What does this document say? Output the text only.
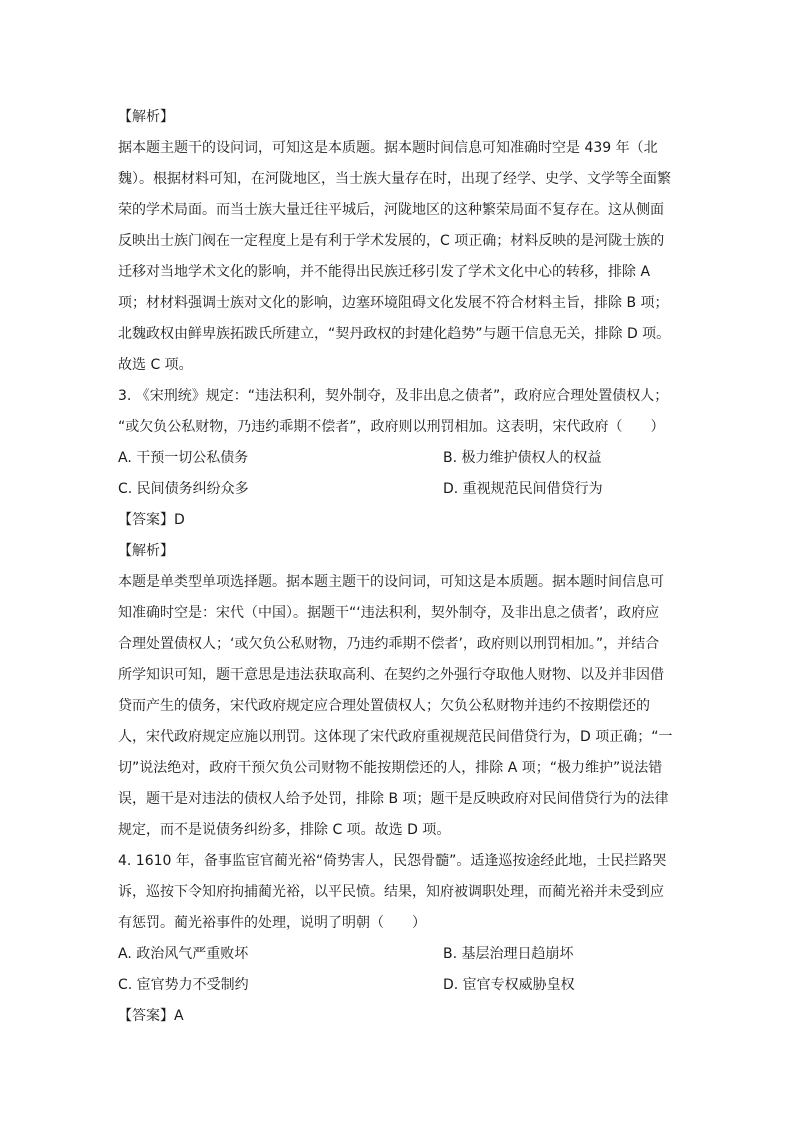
【解析】
据本题主题干的设问词，可知这是本质题。据本题时间信息可知准确时空是 439 年（北
魏）。根据材料可知，在河陇地区，当士族大量存在时，出现了经学、史学、文学等全面繁
荣的学术局面。而当士族大量迁往平城后，河陇地区的这种繁荣局面不复存在。这从侧面
反映出士族门阀在一定程度上是有利于学术发展的，C 项正确；材料反映的是河陇士族的
迁移对当地学术文化的影响，并不能得出民族迁移引发了学术文化中心的转移，排除 A
项；材材料强调士族对文化的影响，边塞环境阻碍文化发展不符合材料主旨，排除 B 项；
北魏政权由鲜卑族拓跋氏所建立，“契丹政权的封建化趋势”与题干信息无关，排除 D 项。
故选 C 项。
3. 《宋刑统》规定：“违法积利，契外制夺，及非出息之债者”，政府应合理处置债权人；
“或欠负公私财物，乃违约乖期不偿者”，政府则以刑罚相加。这表明，宋代政府（　　）
A. 干预一切公私债务	B. 极力维护债权人的权益
C. 民间债务纠纷众多	D. 重视规范民间借贷行为
【答案】D
【解析】
本题是单类型单项选择题。据本题主题干的设问词，可知这是本质题。据本题时间信息可
知准确时空是：宋代（中国）。据题干“‘违法积利，契外制夺，及非出息之债者’，政府应
合理处置债权人；‘或欠负公私财物，乃违约乖期不偿者’，政府则以刑罚相加。”，并结合
所学知识可知，题干意思是违法获取高利、在契约之外强行夺取他人财物、以及并非因借
贷而产生的债务，宋代政府规定应合理处置债权人；欠负公私财物并违约不按期偿还的
人，宋代政府规定应施以刑罚。这体现了宋代政府重视规范民间借贷行为，D 项正确；“一
切”说法绝对，政府干预欠负公司财物不能按期偿还的人，排除 A 项；“极力维护”说法错
误，题干是对违法的债权人给予处罚，排除 B 项；题干是反映政府对民间借贷行为的法律
规定，而不是说债务纠纷多，排除 C 项。故选 D 项。
4. 1610 年，备事监宦官蔺光裕“倚势害人，民怨骨髓”。适逢巡按途经此地，士民拦路哭
诉，巡按下令知府拘捕蔺光裕，以平民愤。结果，知府被调职处理，而蔺光裕并未受到应
有惩罚。蔺光裕事件的处理，说明了明朝（　　）
A. 政治风气严重败坏	B. 基层治理日趋崩坏
C. 宦官势力不受制约	D. 宦官专权威胁皇权
【答案】A
